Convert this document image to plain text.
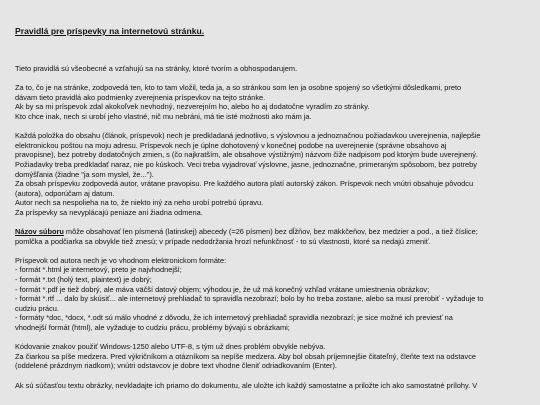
Pravidlá pre príspevky na internetovú stránku.
Tieto pravidlá sú všeobecné a vzťahujú sa na stránky, ktoré tvorím a obhospodarujem.
Za to, čo je na stránke, zodpovedá ten, kto to tam vložil, teda ja, a so stránkou som len ja osobne spojený so všetkými dôsledkami, preto
dávam tieto pravidlá ako podmienky zverejnenia príspevkov na tejto stránke.
Ak by sa mi príspevok zdal akokoľvek nevhodný, nezverejním ho, alebo ho aj dodatočne vyradím zo stránky.
Kto chce inak, nech si urobí jeho vlastné, nič mu nebráni, má tie isté možnosti ako mám ja.
Každá položka do obsahu (článok, príspevok) nech je predkladaná jednotlivo, s výslovnou a jednoznačnou požiadavkou uverejnenia, najlepšie
elektronickou poštou na moju adresu. Príspevok nech je úplne dohotovený v konečnej podobe na uverejnenie (správne obsahovo aj
pravopisne), bez potreby dodatočných zmien, s (čo najkratším, ale obsahove výstižným) názvom čiže nadpisom pod ktorým bude uverejnený.
Požiadavky treba predkladať naraz, nie po kúskoch. Veci treba vyjadrovať výslovne, jasne, jednoznačne, primeraným spôsobom, bez potreby
domýšľania (žiadne "ja som myslel, že...").
Za obsah príspevku zodpovedá autor, vrátane pravopisu. Pre každého autora platí autorský zákon. Príspevok nech vnútri obsahuje pôvodcu
(autora), odporúčam aj datum.
Autor nech sa nespolieha na to, že niekto iný za neho urobí potrebú úpravu.
Za príspevky sa nevyplácajú peniaze ani žiadna odmena.
Názov súboru môže obsahovať len písmená (latinskej) abecedy (=26 písmen) bez dĺžňov, bez mäkkčeňov, bez medzier a pod., a tiež číslice;
pomlčka a podčiarka sa obvykle tiež znesú; v prípade nedodržania hrozí nefunkčnosť - to sú vlastnosti, ktoré sa nedajú zmeniť.
Príspevok od autora nech je vo vhodnom elektronickom formáte:
- formát *.html je internetový, preto je najvhodnejší;
- formát *.txt (holý text, plaintext) je dobrý;
- formát *.pdf je tiež dobrý, ale máva väčší datový objem; výhodou je, že už má konečný vzhľad vrátane umiestnenia obrázkov;
- formát *.rtf ... dalo by skúsiť... ale internetový prehliadač to spravidla nezobrazí; bolo by ho treba zostane, alebo sa musí prerobiť - vyžaduje to
cudziu prácu.
- formáty *doc, *docx, *.odt sú málo vhodné z dôvodu, že ich internetový prehliadač spravidla nezobrazí; je sice možné ich previesť na
vhodnejší formát (html), ale vyžaduje to cudziu prácu, problémy bývajú s obrázkami;
Kódovanie znakov použiť Windows-1250 alebo UTF-8, s tým už dnes problém obvykle nebýva.
Za čiarkou sa píše medzera. Pred výkričníkom a otázníkom sa nepíše medzera. Aby bol obsah príjemnejšie čitateľný, čleňte text na odstavce
(oddelené prázdnym riadkom); vnútri odstavcov je dobre text vhodne členiť odriadkovaním (Enter).
Ak sú súčasťou textu obrázky, nevkladajte ich priamo do dokumentu, ale uložte ich každý samostatne a priložte ich ako samostatné prílohy. V
